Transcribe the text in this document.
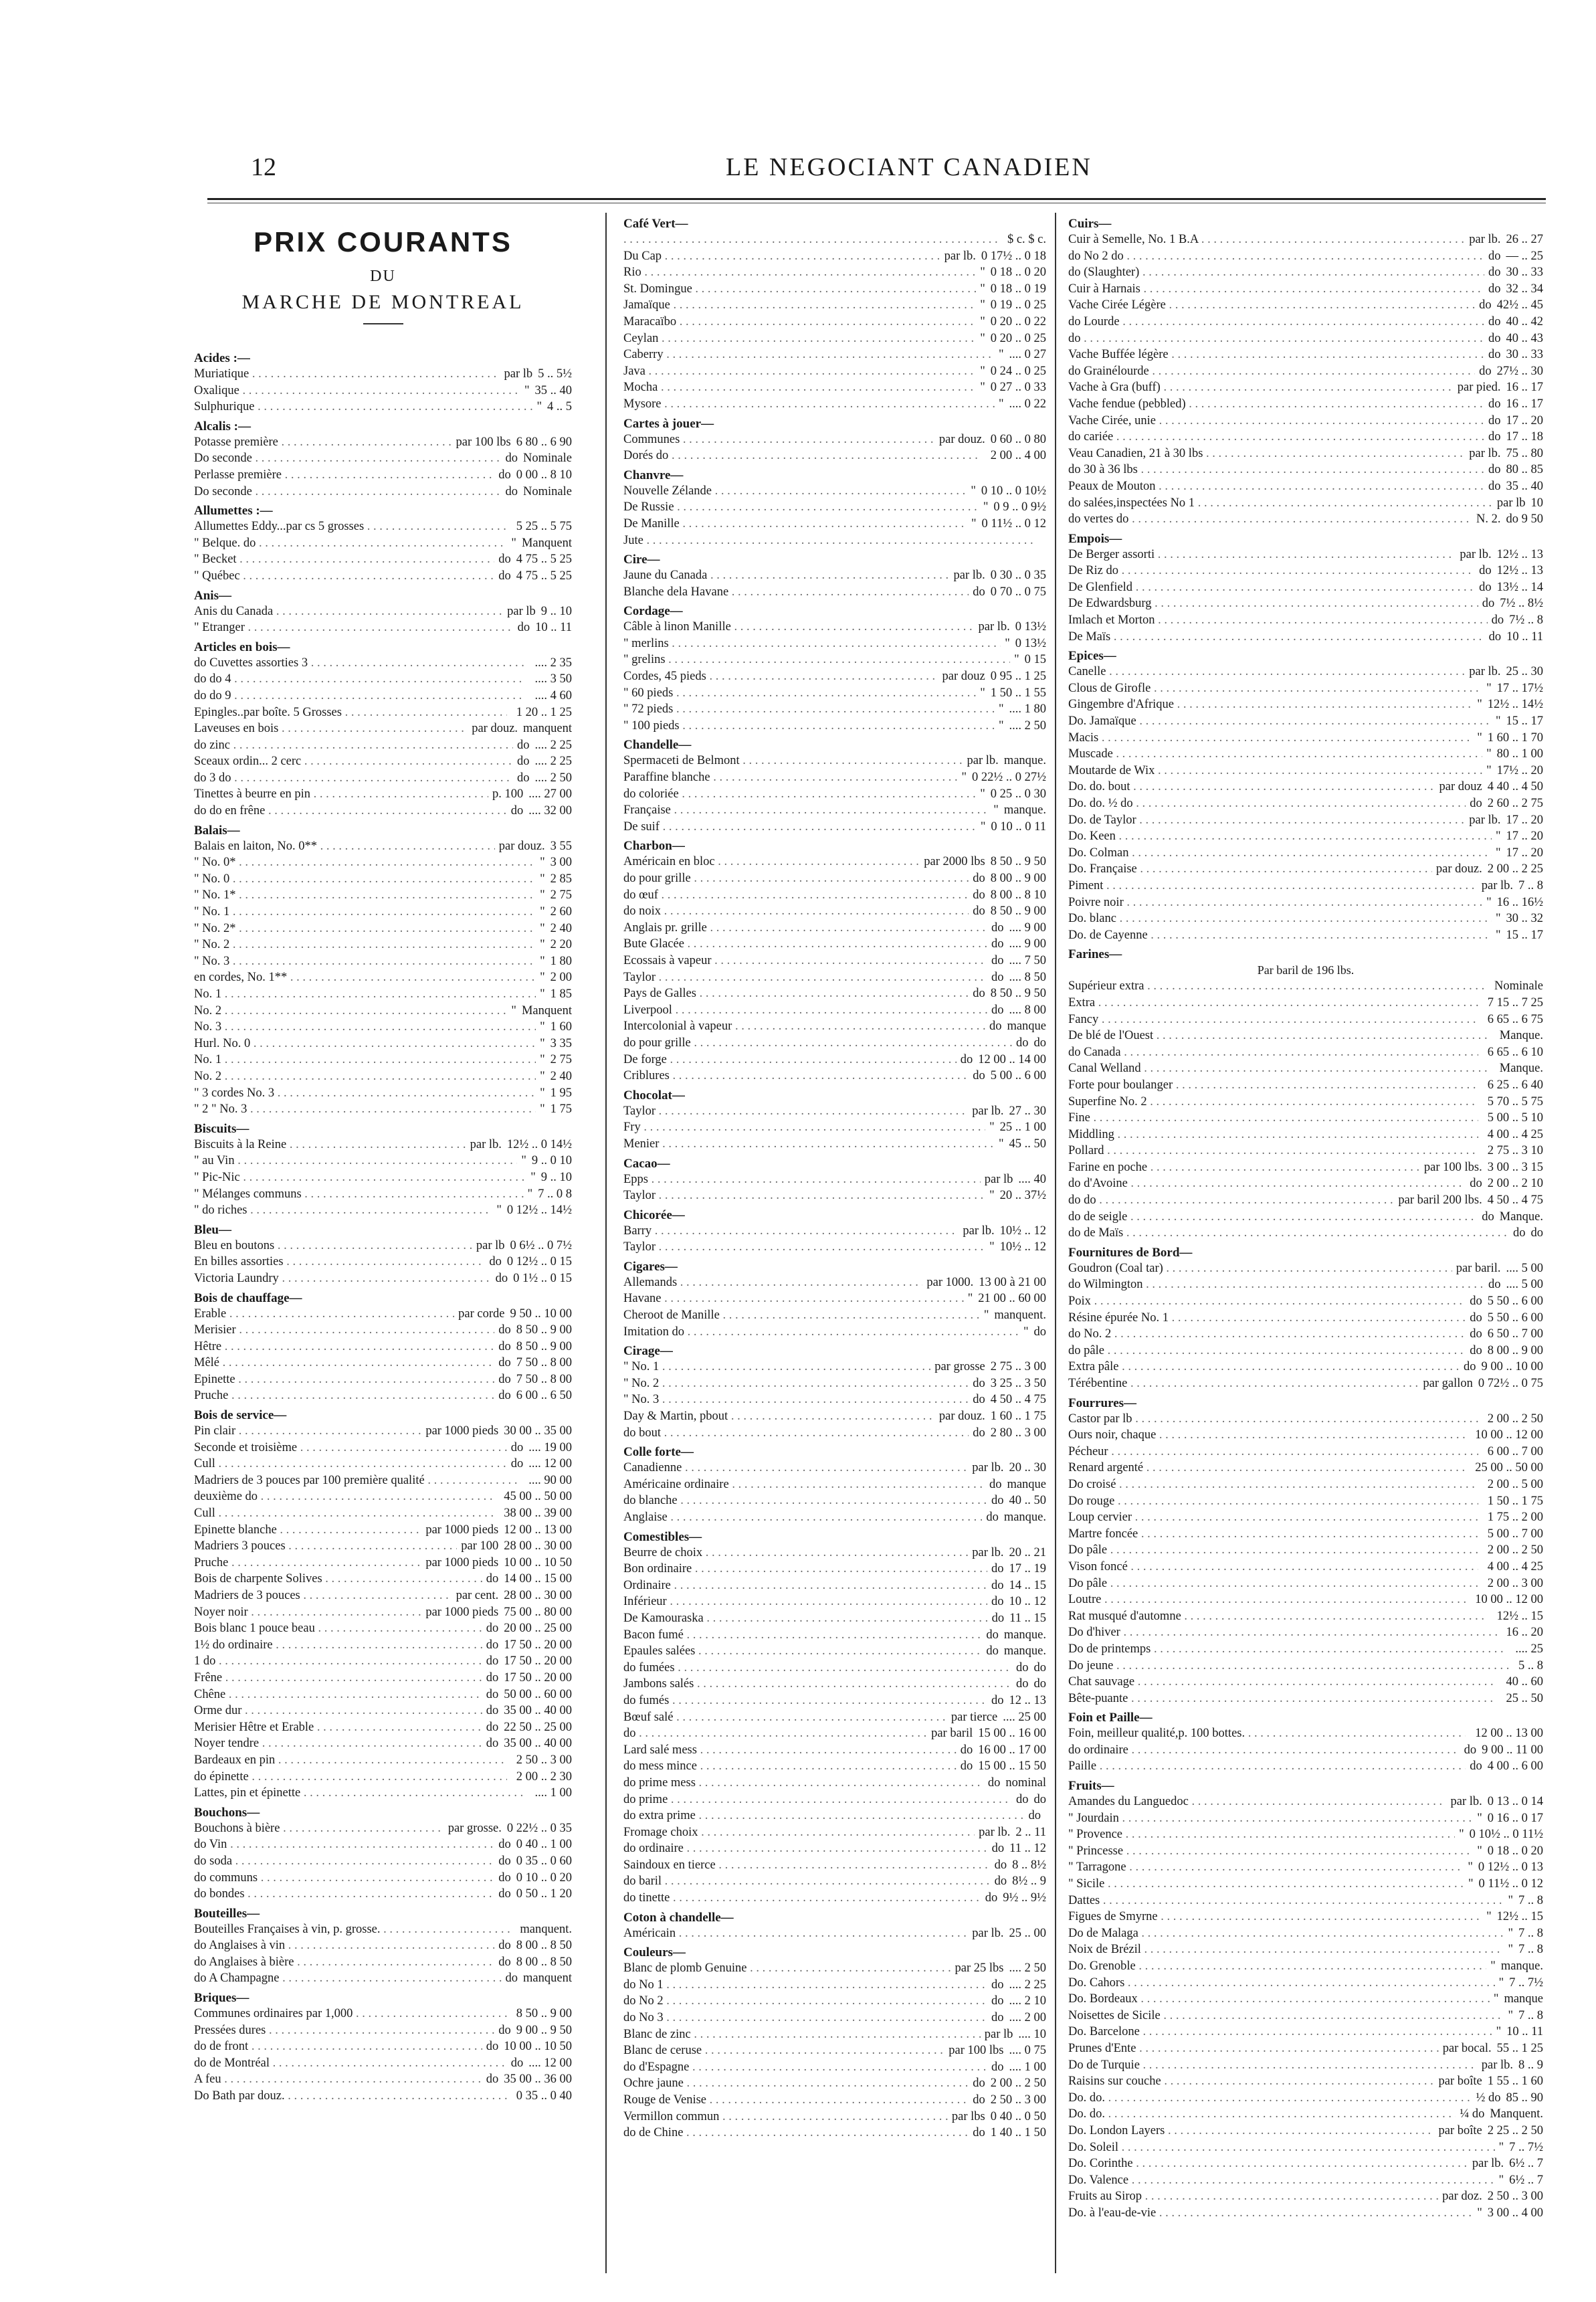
12	LE NEGOCIANT CANADIEN
PRIX COURANTS
DU
MARCHE DE MONTREAL
Acides :—
Muriatique . . .	par lb 5 .. 5½
Oxalique . . .	" 35 .. 40
Sulphurique . . .	" 4 .. 5
Alcalis :—
Potasse première . . .	par 100 lbs 6 80 .. 6 90
Do seconde . . .	do Nominale
Perlasse première . . .	do 0 00 .. 8 10
Do seconde . . .	do Nominale
Allumettes :—
Allumettes Eddy...par cs 5 grosses . . .	5 25 .. 5 75
" Belque. do . . .	" Manquent
" Becket . . .	do 4 75 .. 5 25
" Québec . . .	do 4 75 .. 5 25
Anis—
Anis du Canada . . .	par lb 9 .. 10
" Etranger . . .	do 10 .. 11
Articles en bois—
do Cuvettes assorties 3 . . .	.... 2 35
do do 4 . . .	.... 3 50
do do 9 . . .	.... 4 60
Epingles..par boîte. 5 Grosses . . .	1 20 .. 1 25
Laveuses en bois . . .	par douz. manquent
do zinc . . .	do .... 2 25
Sceaux ordin... 2 cerc . . .	do .... 2 25
do 3 do . . .	do .... 2 50
Tinettes à beurre en pin . . .	p. 100 .... 27 00
do do en frêne . . .	do .... 32 00
Balais—
Balais en laiton, No. 0** . . .	par douz. 3 55
" No. 0* . . .	" 3 00
" No. 0 . . .	" 2 85
" No. 1* . . .	" 2 75
" No. 1 . . .	" 2 60
" No. 2* . . .	" 2 40
" No. 2 . . .	" 2 20
" No. 3 . . .	" 1 80
en cordes, No. 1** . . .	" 2 00
No. 1 . . .	" 1 85
No. 2 . . .	" Manquent
No. 3 . . .	" 1 60
Hurl. No. 0 . . .	" 3 35
No. 1 . . .	" 2 75
No. 2 . . .	" 2 40
" 3 cordes No. 3 . . .	" 1 95
" 2 " No. 3 . . .	" 1 75
Biscuits—
Biscuits à la Reine . . .	par lb. 12½ .. 0 14½
" au Vin . . .	" 9 .. 0 10
" Pic-Nic . . .	" 9 .. 10
" Mélanges communs . . .	" 7 .. 0 8
" do riches . . .	" 0 12½ .. 14½
Bleu—
Bleu en boutons . . .	par lb 0 6½ .. 0 7½
En billes assorties . . .	do 0 12½ .. 0 15
Victoria Laundry . . .	do 0 1½ .. 0 15
Bois de chauffage—
Erable . . .	par corde 9 50 .. 10 00
Merisier . . .	do 8 50 .. 9 00
Hêtre . . .	do 8 50 .. 9 00
Mêlé . . .	do 7 50 .. 8 00
Epinette . . .	do 7 50 .. 8 00
Pruche . . .	do 6 00 .. 6 50
Bois de service—
Pin clair . . .	par 1000 pieds 30 00 .. 35 00
Seconde et troisième . . .	do .... 19 00
Cull . . .	do .... 12 00
Madriers de 3 pouces par 100 première qualité . . .	.... 90 00
deuxième do . . .	45 00 .. 50 00
Cull . . .	38 00 .. 39 00
Epinette blanche . . .	par 1000 pieds 12 00 .. 13 00
Madriers 3 pouces . . .	par 100 28 00 .. 30 00
Pruche . . .	par 1000 pieds 10 00 .. 10 50
Bois de charpente Solives . . .	do 14 00 .. 15 00
Madriers de 3 pouces . . .	par cent. 28 00 .. 30 00
Noyer noir . . .	par 1000 pieds 75 00 .. 80 00
Bois blanc 1 pouce beau . . .	do 20 00 .. 25 00
1½ do ordinaire . . .	do 17 50 .. 20 00
1 do . . .	do 17 50 .. 20 00
Frêne . . .	do 17 50 .. 20 00
Chêne . . .	do 50 00 .. 60 00
Orme dur . . .	do 35 00 .. 40 00
Merisier Hêtre et Erable . . .	do 22 50 .. 25 00
Noyer tendre . . .	do 35 00 .. 40 00
Bardeaux en pin . . .	2 50 .. 3 00
do épinette . . .	2 00 .. 2 30
Lattes, pin et épinette . . .	.... 1 00
Bouchons—
Bouchons à bière . . .	par grosse. 0 22½ .. 0 35
do Vin . . .	do 0 40 .. 1 00
do soda . . .	do 0 35 .. 0 60
do communs . . .	do 0 10 .. 0 20
do bondes . . .	do 0 50 .. 1 20
Bouteilles—
Bouteilles Françaises à vin, p. grosse. . . .	manquent.
do Anglaises à vin . . .	do 8 00 .. 8 50
do Anglaises à bière . . .	do 8 00 .. 8 50
do A Champagne . . .	do manquent
Briques—
Communes ordinaires par 1,000 . . .	8 50 .. 9 00
Pressées dures . . .	do 9 00 .. 9 50
do de front . . .	do 10 00 .. 10 50
do de Montréal . . .	do .... 12 00
A feu . . .	do 35 00 .. 36 00
Do Bath par douz. . . .	0 35 .. 0 40
Café Vert—
. . .
$ c. $ c.
Du Cap . . .	par lb. 0 17½ .. 0 18
Rio . . .	" 0 18 .. 0 20
St. Domingue . . .	" 0 18 .. 0 19
Jamaïque . . .	" 0 19 .. 0 25
Maracaïbo . . .	" 0 20 .. 0 22
Ceylan . . .	" 0 20 .. 0 25
Caberry . . .	" .... 0 27
Java . . .	" 0 24 .. 0 25
Mocha . . .	" 0 27 .. 0 33
Mysore . . .	" .... 0 22
Cartes à jouer—
Communes . . .	par douz. 0 60 .. 0 80
Dorés do . . .	2 00 .. 4 00
Chanvre—
Nouvelle Zélande . . .	" 0 10 .. 0 10½
De Russie . . .	" 0 9 .. 0 9½
De Manille . . .	" 0 11½ .. 0 12
Jute . . .
Cire—
Jaune du Canada . . .	par lb. 0 30 .. 0 35
Blanche dela Havane . . .	do 0 70 .. 0 75
Cordage—
Câble à linon Manille . . .	par lb. 0 13½
" merlins . . .	" 0 13½
" grelins . . .	" 0 15
Cordes, 45 pieds . . .	par douz 0 95 .. 1 25
" 60 pieds . . .	" 1 50 .. 1 55
" 72 pieds . . .	" .... 1 80
" 100 pieds . . .	" .... 2 50
Chandelle—
Spermaceti de Belmont . . .	par lb. manque.
Paraffine blanche . . .	" 0 22½ .. 0 27½
do coloriée . . .	" 0 25 .. 0 30
Française . . .	" manque.
De suif . . .	" 0 10 .. 0 11
Charbon—
Américain en bloc . . .	par 2000 lbs 8 50 .. 9 50
do pour grille . . .	do 8 00 .. 9 00
do œuf . . .	do 8 00 .. 8 10
do noix . . .	do 8 50 .. 9 00
Anglais pr. grille . . .	do .... 9 00
Bute Glacée . . .	do .... 9 00
Ecossais à vapeur . . .	do .... 7 50
Taylor . . .	do .... 8 50
Pays de Galles . . .	do 8 50 .. 9 50
Liverpool . . .	do .... 8 00
Intercolonial à vapeur . . .	do manque
do pour grille . . .	do do
De forge . . .	do 12 00 .. 14 00
Criblures . . .	do 5 00 .. 6 00
Chocolat—
Taylor . . .	par lb. 27 .. 30
Fry . . .	" 25 .. 1 00
Menier . . .	" 45 .. 50
Cacao—
Epps . . .	par lb .... 40
Taylor . . .	" 20 .. 37½
Chicorée—
Barry . . .	par lb. 10½ .. 12
Taylor . . .	" 10½ .. 12
Cigares—
Allemands . . .	par 1000. 13 00 à 21 00
Havane . . .	" 21 00 .. 60 00
Cheroot de Manille . . .	" manquent.
Imitation do . . .	" do
Cirage—
" No. 1 . . .	par grosse 2 75 .. 3 00
" No. 2 . . .	do 3 25 .. 3 50
" No. 3 . . .	do 4 50 .. 4 75
Day & Martin, pbout . . .	par douz. 1 60 .. 1 75
do bout . . .	do 2 80 .. 3 00
Colle forte—
Canadienne . . .	par lb. 20 .. 30
Américaine ordinaire . . .	do manque
do blanche . . .	do 40 .. 50
Anglaise . . .	do manque.
Comestibles—
Beurre de choix . . .	par lb. 20 .. 21
Bon ordinaire . . .	do 17 .. 19
Ordinaire . . .	do 14 .. 15
Inférieur . . .	do 10 .. 12
De Kamouraska . . .	do 11 .. 15
Bacon fumé . . .	do manque.
Epaules salées . . .	do manque.
do fumées . . .	do do
Jambons salés . . .	do do
do fumés . . .	do 12 .. 13
Bœuf salé . . .	par tierce .... 25 00
do . . .	par baril 15 00 .. 16 00
Lard salé mess . . .	do 16 00 .. 17 00
do mess mince . . .	do 15 00 .. 15 50
do prime mess . . .	do nominal
do prime . . .	do do
do extra prime . . .	do
Fromage choix . . .	par lb. 2 .. 11
do ordinaire . . .	do 11 .. 12
Saindoux en tierce . . .	do 8 .. 8½
do baril . . .	do 8½ .. 9
do tinette . . .	do 9½ .. 9½
Coton à chandelle—
Américain . . .	par lb. 25 .. 00
Couleurs—
Blanc de plomb Genuine . . .	par 25 lbs .... 2 50
do No 1 . . .	do .... 2 25
do No 2 . . .	do .... 2 10
do No 3 . . .	do .... 2 00
Blanc de zinc . . .	par lb .... 10
Blanc de ceruse . . .	par 100 lbs .... 0 75
do d'Espagne . . .	do .... 1 00
Ochre jaune . . .	do 2 00 .. 2 50
Rouge de Venise . . .	do 2 50 .. 3 00
Vermillon commun . . .	par lbs 0 40 .. 0 50
do de Chine . . .	do 1 40 .. 1 50
Cuirs—
Cuir à Semelle, No. 1 B.A . . .	par lb. 26 .. 27
do No 2 do . . .	do — .. 25
do (Slaughter) . . .	do 30 .. 33
Cuir à Harnais . . .	do 32 .. 34
Vache Cirée Légère . . .	do 42½ .. 45
do Lourde . . .	do 40 .. 42
do . . .	do 40 .. 43
Vache Buffée légère . . .	do 30 .. 33
do Grainélourde . . .	do 27½ .. 30
Vache à Gra (buff) . . .	par pied. 16 .. 17
Vache fendue (pebbled) . . .	do 16 .. 17
Vache Cirée, unie . . .	do 17 .. 20
do cariée . . .	do 17 .. 18
Veau Canadien, 21 à 30 lbs . . .	par lb. 75 .. 80
do 30 à 36 lbs . . .	do 80 .. 85
Peaux de Mouton . . .	do 35 .. 40
do salées,inspectées No 1 . . .	par lb 10
do vertes do . . .	N. 2. do 9 50
Empois—
De Berger assorti . . .	par lb. 12½ .. 13
De Riz do . . .	do 12½ .. 13
De Glenfield . . .	do 13½ .. 14
De Edwardsburg . . .	do 7½ .. 8½
Imlach et Morton . . .	do 7½ .. 8
De Maïs . . .	do 10 .. 11
Epices—
Canelle . . .	par lb. 25 .. 30
Clous de Girofle . . .	" 17 .. 17½
Gingembre d'Afrique . . .	" 12½ .. 14½
Do. Jamaïque . . .	" 15 .. 17
Macis . . .	" 1 60 .. 1 70
Muscade . . .	" 80 .. 1 00
Moutarde de Wix . . .	" 17½ .. 20
Do. do. bout . . .	par douz 4 40 .. 4 50
Do. do. ½ do . . .	do 2 60 .. 2 75
Do. de Taylor . . .	par lb. 17 .. 20
Do. Keen . . .	" 17 .. 20
Do. Colman . . .	" 17 .. 20
Do. Française . . .	par douz. 2 00 .. 2 25
Piment . . .	par lb. 7 .. 8
Poivre noir . . .	" 16 .. 16½
Do. blanc . . .	" 30 .. 32
Do. de Cayenne . . .	" 15 .. 17
Farines—
Par baril de 196 lbs.
Supérieur extra . . .	Nominale
Extra . . .	7 15 .. 7 25
Fancy . . .	6 65 .. 6 75
De blé de l'Ouest . . .	Manque.
do Canada . . .	6 65 .. 6 10
Canal Welland . . .	Manque.
Forte pour boulanger . . .	6 25 .. 6 40
Superfine No. 2 . . .	5 70 .. 5 75
Fine . . .	5 00 .. 5 10
Middling . . .	4 00 .. 4 25
Pollard . . .	2 75 .. 3 10
Farine en poche . . .	par 100 lbs. 3 00 .. 3 15
do d'Avoine . . .	do 2 00 .. 2 10
do do . . .	par baril 200 lbs. 4 50 .. 4 75
do de seigle . . .	do Manque.
do de Maïs . . .	do do
Fournitures de Bord—
Goudron (Coal tar) . . .	par baril. .... 5 00
do Wilmington . . .	do .... 5 00
Poix . . .	do 5 50 .. 6 00
Résine épurée No. 1 . . .	do 5 50 .. 6 00
do No. 2 . . .	do 6 50 .. 7 00
do pâle . . .	do 8 00 .. 9 00
Extra pâle . . .	do 9 00 .. 10 00
Térébentine . . .	par gallon 0 72½ .. 0 75
Fourrures—
Castor par lb . . .	2 00 .. 2 50
Ours noir, chaque . . .	10 00 .. 12 00
Pécheur . . .	6 00 .. 7 00
Renard argenté . . .	25 00 .. 50 00
Do croisé . . .	2 00 .. 5 00
Do rouge . . .	1 50 .. 1 75
Loup cervier . . .	1 75 .. 2 00
Martre foncée . . .	5 00 .. 7 00
Do pâle . . .	2 00 .. 2 50
Vison foncé . . .	4 00 .. 4 25
Do pâle . . .	2 00 .. 3 00
Loutre . . .	10 00 .. 12 00
Rat musqué d'automne . . .	12½ .. 15
Do d'hiver . . .	16 .. 20
Do de printemps . . .	.... 25
Do jeune . . .	5 .. 8
Chat sauvage . . .	40 .. 60
Bête-puante . . .	25 .. 50
Foin et Paille—
Foin, meilleur qualité,p. 100 bottes. . . .	12 00 .. 13 00
do ordinaire . . .	do 9 00 .. 11 00
Paille . . .	do 4 00 .. 6 00
Fruits—
Amandes du Languedoc . . .	par lb. 0 13 .. 0 14
" Jourdain . . .	" 0 16 .. 0 17
" Provence . . .	" 0 10½ .. 0 11½
" Princesse . . .	" 0 18 .. 0 20
" Tarragone . . .	" 0 12½ .. 0 13
" Sicile . . .	" 0 11½ .. 0 12
Dattes . . .	" 7 .. 8
Figues de Smyrne . . .	" 12½ .. 15
Do de Malaga . . .	" 7 .. 8
Noix de Brézil . . .	" 7 .. 8
Do. Grenoble . . .	" manque.
Do. Cahors . . .	" 7 .. 7½
Do. Bordeaux . . .	" manque
Noisettes de Sicile . . .	" 7 .. 8
Do. Barcelone . . .	" 10 .. 11
Prunes d'Ente . . .	par bocal. 55 .. 1 25
Do de Turquie . . .	par lb. 8 .. 9
Raisins sur couche . . .	par boîte 1 55 .. 1 60
Do. do. . . .	½ do 85 .. 90
Do. do. . . .	¼ do Manquent.
Do. London Layers . . .	par boîte 2 25 .. 2 50
Do. Soleil . . .	" 7 .. 7½
Do. Corinthe . . .	par lb. 6½ .. 7
Do. Valence . . .	" 6½ .. 7
Fruits au Sirop . . .	par doz. 2 50 .. 3 00
Do. à l'eau-de-vie . . .	" 3 00 .. 4 00
